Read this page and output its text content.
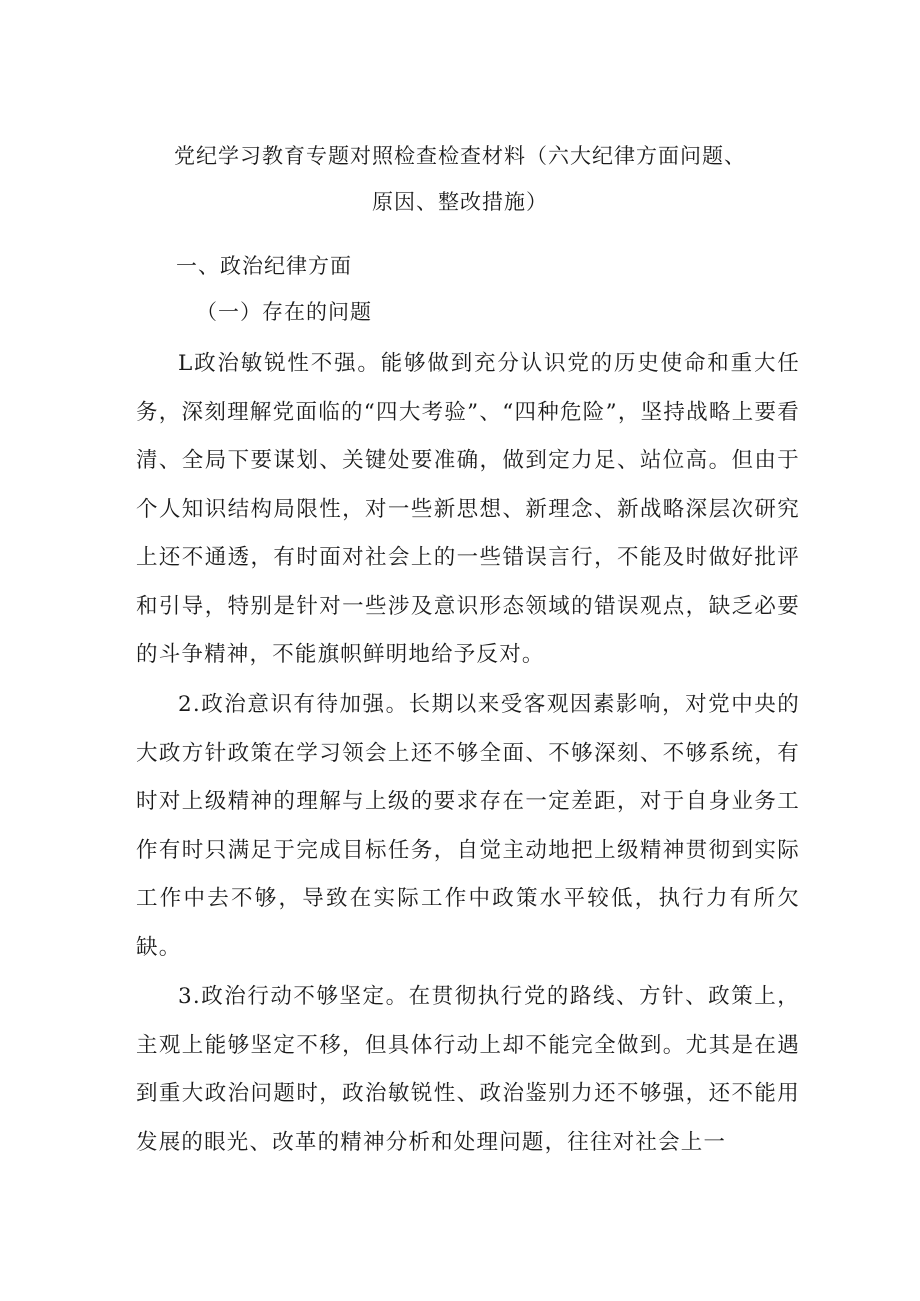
党纪学习教育专题对照检查检查材料（六大纪律方面问题、
原因、整改措施）
一、政治纪律方面
（一）存在的问题

L政治敏锐性不强。能够做到充分认识党的历史使命和重大任务，深刻理解党面临的“四大考验”、“四种危险”，坚持战略上要看清、全局下要谋划、关键处要准确，做到定力足、站位高。但由于个人知识结构局限性，对一些新思想、新理念、新战略深层次研究上还不通透，有时面对社会上的一些错误言行，不能及时做好批评和引导，特别是针对一些涉及意识形态领域的错误观点，缺乏必要的斗争精神，不能旗帜鲜明地给予反对。

2.政治意识有待加强。长期以来受客观因素影响，对党中央的大政方针政策在学习领会上还不够全面、不够深刻、不够系统，有时对上级精神的理解与上级的要求存在一定差距，对于自身业务工作有时只满足于完成目标任务，自觉主动地把上级精神贯彻到实际工作中去不够，导致在实际工作中政策水平较低，执行力有所欠缺。

3.政治行动不够坚定。在贯彻执行党的路线、方针、政策上，主观上能够坚定不移，但具体行动上却不能完全做到。尤其是在遇到重大政治问题时，政治敏锐性、政治鉴别力还不够强，还不能用发展的眼光、改革的精神分析和处理问题，往往对社会上一
